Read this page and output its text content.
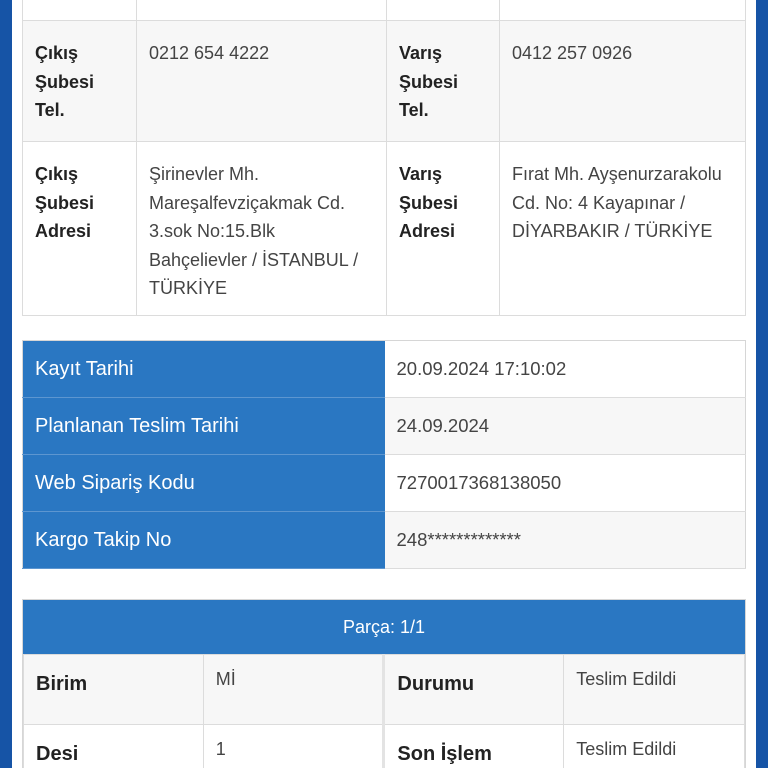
Çıkış Şubesi Tel.	0212 654 4222	Varış Şubesi Tel.	0412 257 0926
Çıkış Şubesi Adresi	Şirinevler Mh. Mareşalfevziçakmak Cd. 3.sok No:15.Blk Bahçelievler / İSTANBUL / TÜRKİYE	Varış Şubesi Adresi	Fırat Mh. Ayşenurzarakolu Cd. No: 4 Kayapınar / DİYARBAKIR / TÜRKİYE
Kayıt Tarihi	20.09.2024 17:10:02
Planlanan Teslim Tarihi	24.09.2024
Web Sipariş Kodu	7270017368138050
Kargo Takip No	248*************
Parça: 1/1
Birim	Mİ	Durumu	Teslim Edildi
Desi	1	Son İşlem	Teslim Edildi
